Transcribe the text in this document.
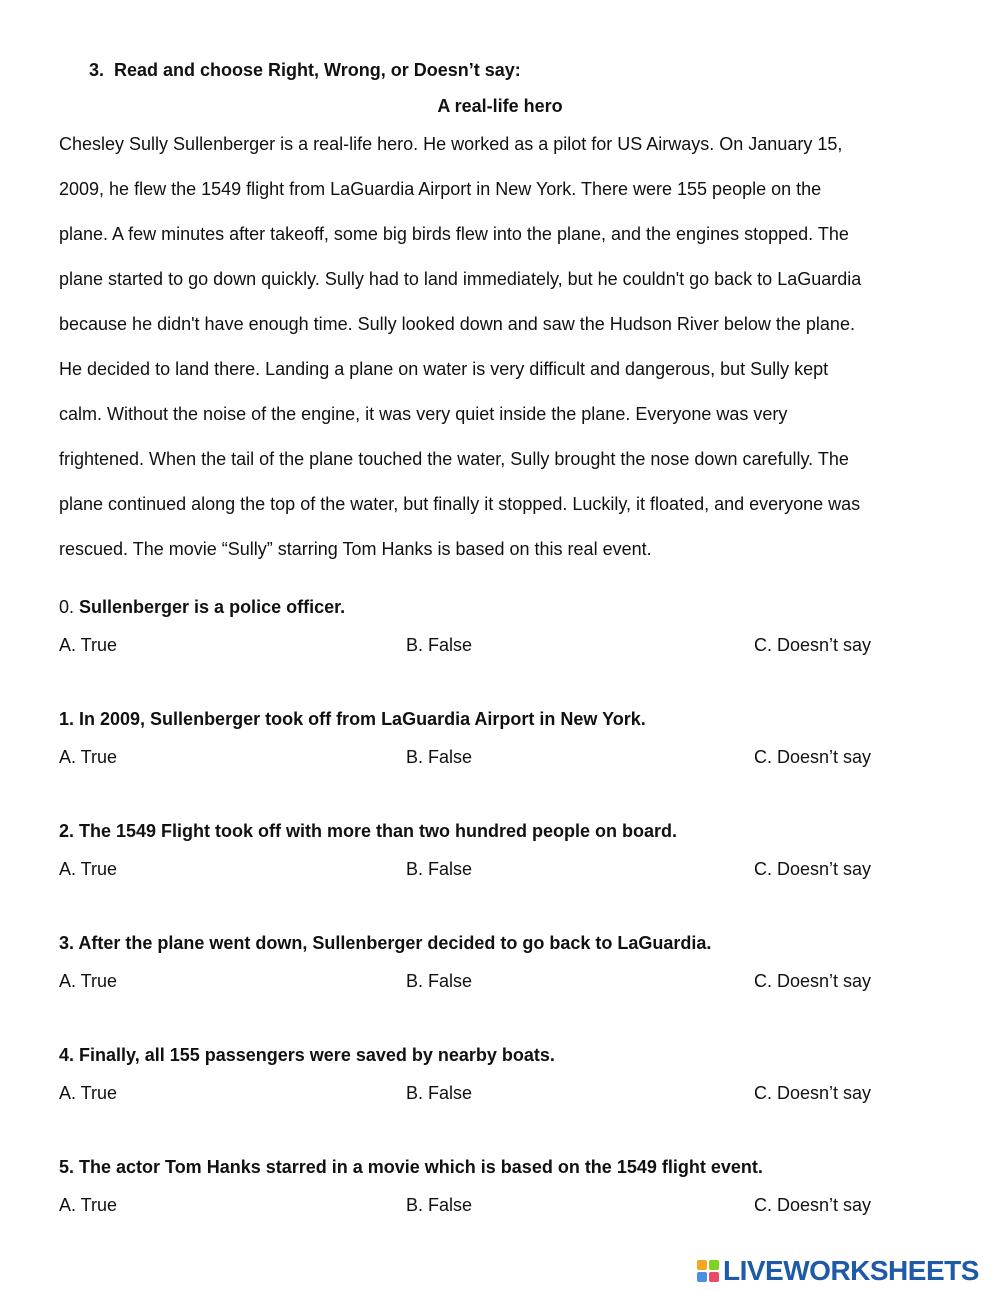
3. Read and choose Right, Wrong, or Doesn’t say:
A real-life hero
Chesley Sully Sullenberger is a real-life hero. He worked as a pilot for US Airways. On January 15,
2009, he flew the 1549 flight from LaGuardia Airport in New York. There were 155 people on the
plane. A few minutes after takeoff, some big birds flew into the plane, and the engines stopped. The
plane started to go down quickly. Sully had to land immediately, but he couldn't go back to LaGuardia
because he didn't have enough time. Sully looked down and saw the Hudson River below the plane.
He decided to land there. Landing a plane on water is very difficult and dangerous, but Sully kept
calm. Without the noise of the engine, it was very quiet inside the plane. Everyone was very
frightened. When the tail of the plane touched the water, Sully brought the nose down carefully. The
plane continued along the top of the water, but finally it stopped. Luckily, it floated, and everyone was
rescued. The movie “Sully” starring Tom Hanks is based on this real event.
0. Sullenberger is a police officer.
A. True	B. False	C. Doesn’t say
1. In 2009, Sullenberger took off from LaGuardia Airport in New York.
A. True	B. False	C. Doesn’t say
2. The 1549 Flight took off with more than two hundred people on board.
A. True	B. False	C. Doesn’t say
3. After the plane went down, Sullenberger decided to go back to LaGuardia.
A. True	B. False	C. Doesn’t say
4. Finally, all 155 passengers were saved by nearby boats.
A. True	B. False	C. Doesn’t say
5. The actor Tom Hanks starred in a movie which is based on the 1549 flight event.
A. True	B. False	C. Doesn’t say
LIVEWORKSHEETS
